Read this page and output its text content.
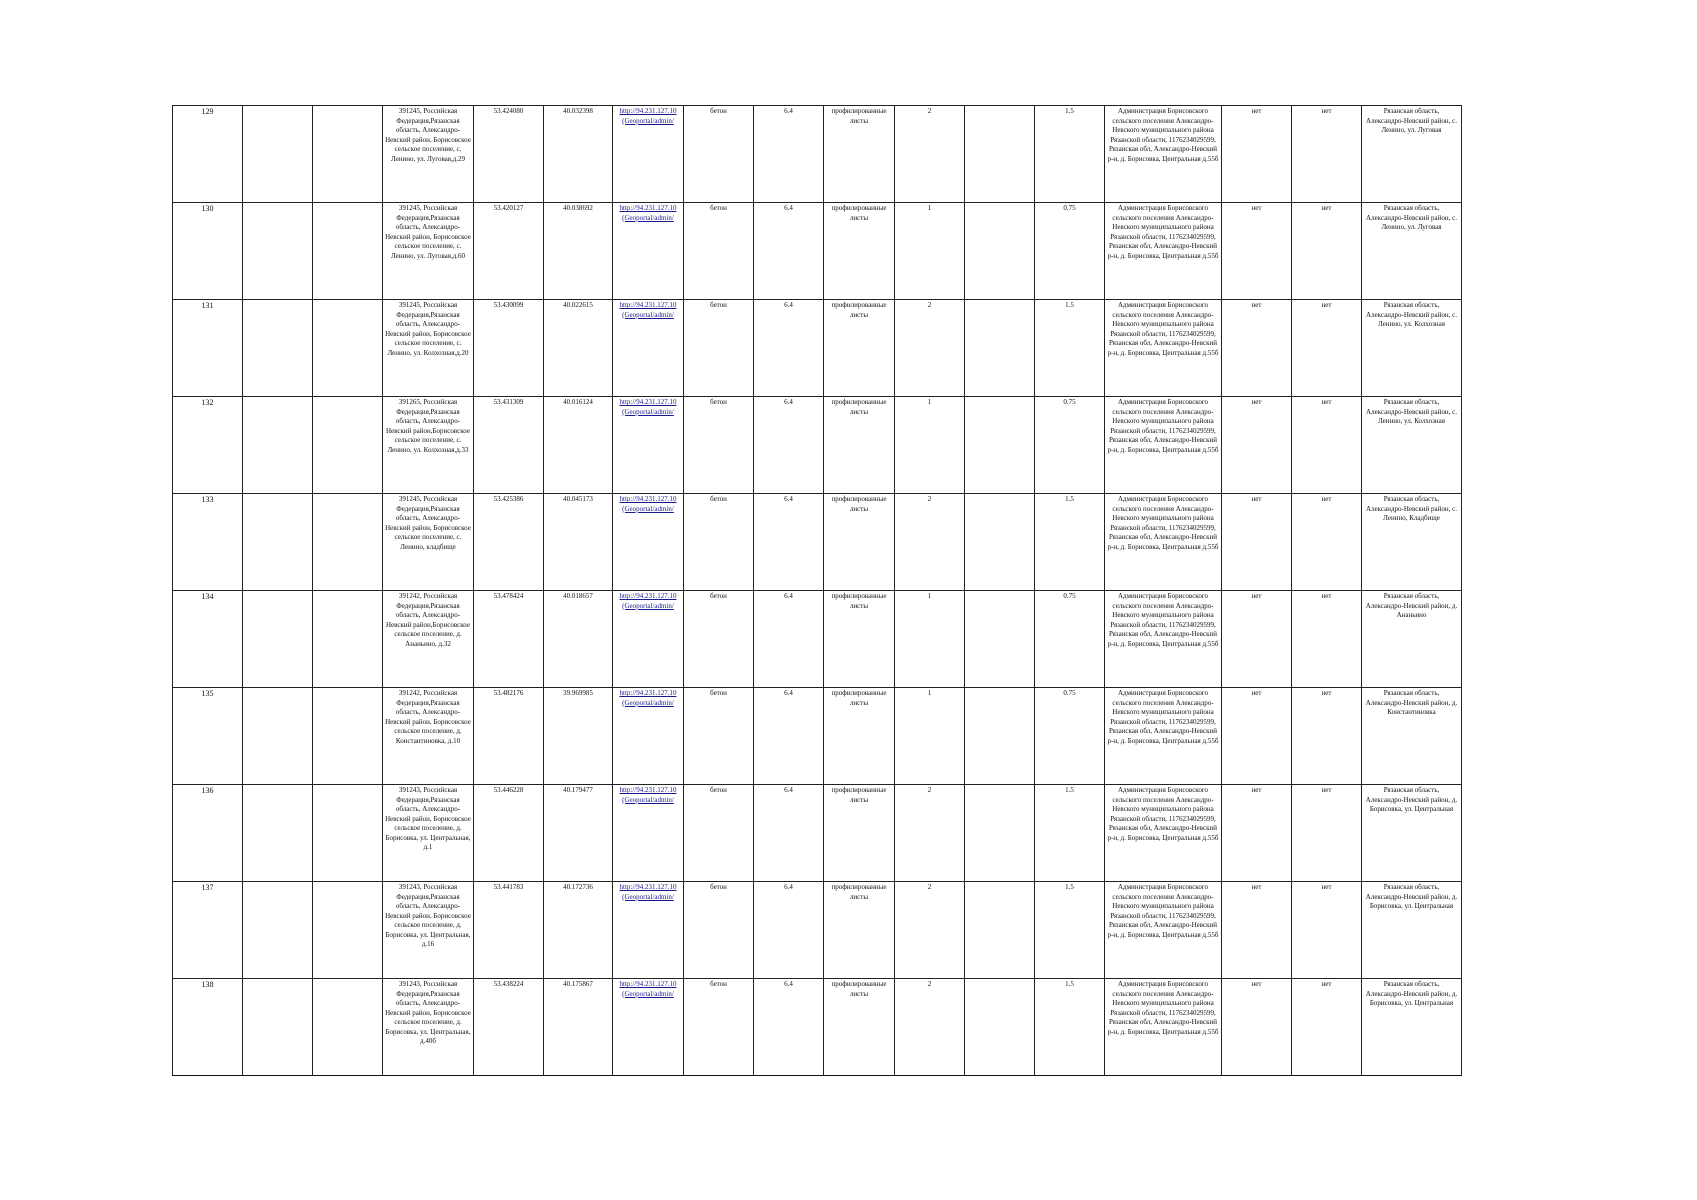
129			391245, Российская Федерация,Рязанская область, Александро-Невский район, Борисовское сельское поселение, с. Ленино, ул. Луговая,д.29	53.424080	40.032398	http://94.231.127.10 (Geoportal/admin/	бетон	6.4	профилированные листы	2		1.5	Администрация Борисовского сельского поселения Александро-Невского муниципального района Рязанской области, 1176234029599, Рязанская обл, Александро-Невский р-н, д. Борисовка, Центральная д.55б	нет	нет	Рязанская область, Александро-Невский район, с. Ленино, ул. Луговая
130			391245, Российская Федерация,Рязанская область, Александро-Невский район, Борисовское сельское поселение, с. Ленино, ул. Луговая,д.60	53.420127	40.038692	http://94.231.127.10 (Geoportal/admin/	бетон	6.4	профилированные листы	1		0.75	Администрация Борисовского сельского поселения Александро-Невского муниципального района Рязанской области, 1176234029599, Рязанская обл, Александро-Невский р-н, д. Борисовка, Центральная д.55б	нет	нет	Рязанская область, Александро-Невский район, с. Ленино, ул. Луговая
131			391245, Российская Федерация,Рязанская область, Александро-Невский район, Борисовское сельское поселение, с. Ленино, ул. Колхозная,д.20	53.430099	40.022615	http://94.231.127.10 (Geoportal/admin/	бетон	6.4	профилированные листы	2		1.5	Администрация Борисовского сельского поселения Александро-Невского муниципального района Рязанской области, 1176234029599, Рязанская обл, Александро-Невский р-н, д. Борисовка, Центральная д.55б	нет	нет	Рязанская область, Александро-Невский район, с. Ленино, ул. Колхозная
132			391265, Российская Федерация,Рязанская область, Александро-Невский район,Борисовское сельское поселение, с. Ленино, ул. Колхозная,д.33	53.431309	40.016124	http://94.231.127.10 (Geoportal/admin/	бетон	6.4	профилированные листы	1		0.75	Администрация Борисовского сельского поселения Александро-Невского муниципального района Рязанской области, 1176234029599, Рязанская обл, Александро-Невский р-н, д. Борисовка, Центральная д.55б	нет	нет	Рязанская область, Александро-Невский район, с. Ленино, ул. Колхозная
133			391245, Российская Федерация,Рязанская область, Александро-Невский район, Борисовское сельское поселение, с. Ленино, кладбище	53.425386	40.045173	http://94.231.127.10 (Geoportal/admin/	бетон	6.4	профилированные листы	2		1.5	Администрация Борисовского сельского поселения Александро-Невского муниципального района Рязанской области, 1176234029599, Рязанская обл, Александро-Невский р-н, д. Борисовка, Центральная д.55б	нет	нет	Рязанская область, Александро-Невский район, с. Ленино, Кладбище
134			391242, Российская Федерация,Рязанская область, Александро-Невский район,Борисовское сельское поселение, д. Ананьино, д.32	53.478424	40.018657	http://94.231.127.10 (Geoportal/admin/	бетон	6.4	профилированные листы	1		0.75	Администрация Борисовского сельского поселения Александро-Невского муниципального района Рязанской области, 1176234029599, Рязанская обл, Александро-Невский р-н, д. Борисовка, Центральная д.55б	нет	нет	Рязанская область, Александро-Невский район, д. Ананьино
135			391242, Российская Федерация,Рязанская область, Александро-Невский район, Борисовское сельское поселение, д. Константиновка, д.10	53.482176	39.969985	http://94.231.127.10 (Geoportal/admin/	бетон	6.4	профилированные листы	1		0.75	Администрация Борисовского сельского поселения Александро-Невского муниципального района Рязанской области, 1176234029599, Рязанская обл, Александро-Невский р-н, д. Борисовка, Центральная д.55б	нет	нет	Рязанская область, Александро-Невский район, д. Константиновка
136			391243, Российская Федерация,Рязанская область, Александро-Невский район, Борисовское сельское поселение, д. Борисовка, ул. Центральная, д.1	53.446228	40.179477	http://94.231.127.10 (Geoportal/admin/	бетон	6.4	профилированные листы	2		1.5	Администрация Борисовского сельского поселения Александро-Невского муниципального района Рязанской области, 1176234029599, Рязанская обл, Александро-Невский р-н, д. Борисовка, Центральная д.55б	нет	нет	Рязанская область, Александро-Невский район, д. Борисовка, ул. Центральная
137			391243, Российская Федерация,Рязанская область, Александро-Невский район, Борисовское сельское поселение, д. Борисовка, ул. Центральная, д.16	53.441783	40.172736	http://94.231.127.10 (Geoportal/admin/	бетон	6.4	профилированные листы	2		1.5	Администрация Борисовского сельского поселения Александро-Невского муниципального района Рязанской области, 1176234029599, Рязанская обл, Александро-Невский р-н, д. Борисовка, Центральная д.55б	нет	нет	Рязанская область, Александро-Невский район, д. Борисовка, ул. Центральная
138			391243, Российская Федерация,Рязанская область, Александро-Невский район, Борисовское сельское поселение, д. Борисовка, ул. Центральная, д.40б	53.438224	40.175867	http://94.231.127.10 (Geoportal/admin/	бетон	6.4	профилированные листы	2		1.5	Администрация Борисовского сельского поселения Александро-Невского муниципального района Рязанской области, 1176234029599, Рязанская обл, Александро-Невский р-н, д. Борисовка, Центральная д.55б	нет	нет	Рязанская область, Александро-Невский район, д. Борисовка, ул. Центральная
